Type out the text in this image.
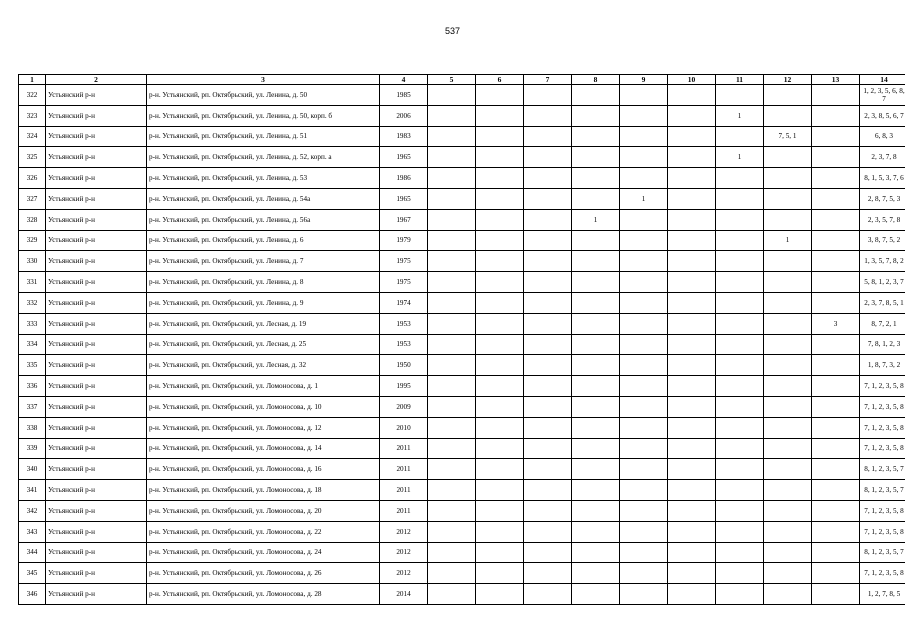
537
1	2	3	4	5	6	7	8	9	10	11	12	13	14
322	Устьянский р-н	р-н. Устьянский, рп. Октябрьский, ул. Ленина, д. 50	1985										1, 2, 3, 5, 6, 8, 7
323	Устьянский р-н	р-н. Устьянский, рп. Октябрьский, ул. Ленина, д. 50, корп. б	2006							1			2, 3, 8, 5, 6, 7
324	Устьянский р-н	р-н. Устьянский, рп. Октябрьский, ул. Ленина, д. 51	1983								7, 5, 1		6, 8, 3
325	Устьянский р-н	р-н. Устьянский, рп. Октябрьский, ул. Ленина, д. 52, корп. а	1965							1			2, 3, 7, 8
326	Устьянский р-н	р-н. Устьянский, рп. Октябрьский, ул. Ленина, д. 53	1986										8, 1, 5, 3, 7, 6
327	Устьянский р-н	р-н. Устьянский, рп. Октябрьский, ул. Ленина, д. 54а	1965					1					2, 8, 7, 5, 3
328	Устьянский р-н	р-н. Устьянский, рп. Октябрьский, ул. Ленина, д. 56а	1967				1						2, 3, 5, 7, 8
329	Устьянский р-н	р-н. Устьянский, рп. Октябрьский, ул. Ленина, д. 6	1979								1		3, 8, 7, 5, 2
330	Устьянский р-н	р-н. Устьянский, рп. Октябрьский, ул. Ленина, д. 7	1975										1, 3, 5, 7, 8, 2
331	Устьянский р-н	р-н. Устьянский, рп. Октябрьский, ул. Ленина, д. 8	1975										5, 8, 1, 2, 3, 7
332	Устьянский р-н	р-н. Устьянский, рп. Октябрьский, ул. Ленина, д. 9	1974										2, 3, 7, 8, 5, 1
333	Устьянский р-н	р-н. Устьянский, рп. Октябрьский, ул. Лесная, д. 19	1953									3	8, 7, 2, 1
334	Устьянский р-н	р-н. Устьянский, рп. Октябрьский, ул. Лесная, д. 25	1953										7, 8, 1, 2, 3
335	Устьянский р-н	р-н. Устьянский, рп. Октябрьский, ул. Лесная, д. 32	1950										1, 8, 7, 3, 2
336	Устьянский р-н	р-н. Устьянский, рп. Октябрьский, ул. Ломоносова, д. 1	1995										7, 1, 2, 3, 5, 8
337	Устьянский р-н	р-н. Устьянский, рп. Октябрьский, ул. Ломоносова, д. 10	2009										7, 1, 2, 3, 5, 8
338	Устьянский р-н	р-н. Устьянский, рп. Октябрьский, ул. Ломоносова, д. 12	2010										7, 1, 2, 3, 5, 8
339	Устьянский р-н	р-н. Устьянский, рп. Октябрьский, ул. Ломоносова, д. 14	2011										7, 1, 2, 3, 5, 8
340	Устьянский р-н	р-н. Устьянский, рп. Октябрьский, ул. Ломоносова, д. 16	2011										8, 1, 2, 3, 5, 7
341	Устьянский р-н	р-н. Устьянский, рп. Октябрьский, ул. Ломоносова, д. 18	2011										8, 1, 2, 3, 5, 7
342	Устьянский р-н	р-н. Устьянский, рп. Октябрьский, ул. Ломоносова, д. 20	2011										7, 1, 2, 3, 5, 8
343	Устьянский р-н	р-н. Устьянский, рп. Октябрьский, ул. Ломоносова, д. 22	2012										7, 1, 2, 3, 5, 8
344	Устьянский р-н	р-н. Устьянский, рп. Октябрьский, ул. Ломоносова, д. 24	2012										8, 1, 2, 3, 5, 7
345	Устьянский р-н	р-н. Устьянский, рп. Октябрьский, ул. Ломоносова, д. 26	2012										7, 1, 2, 3, 5, 8
346	Устьянский р-н	р-н. Устьянский, рп. Октябрьский, ул. Ломоносова, д. 28	2014										1, 2, 7, 8, 5
